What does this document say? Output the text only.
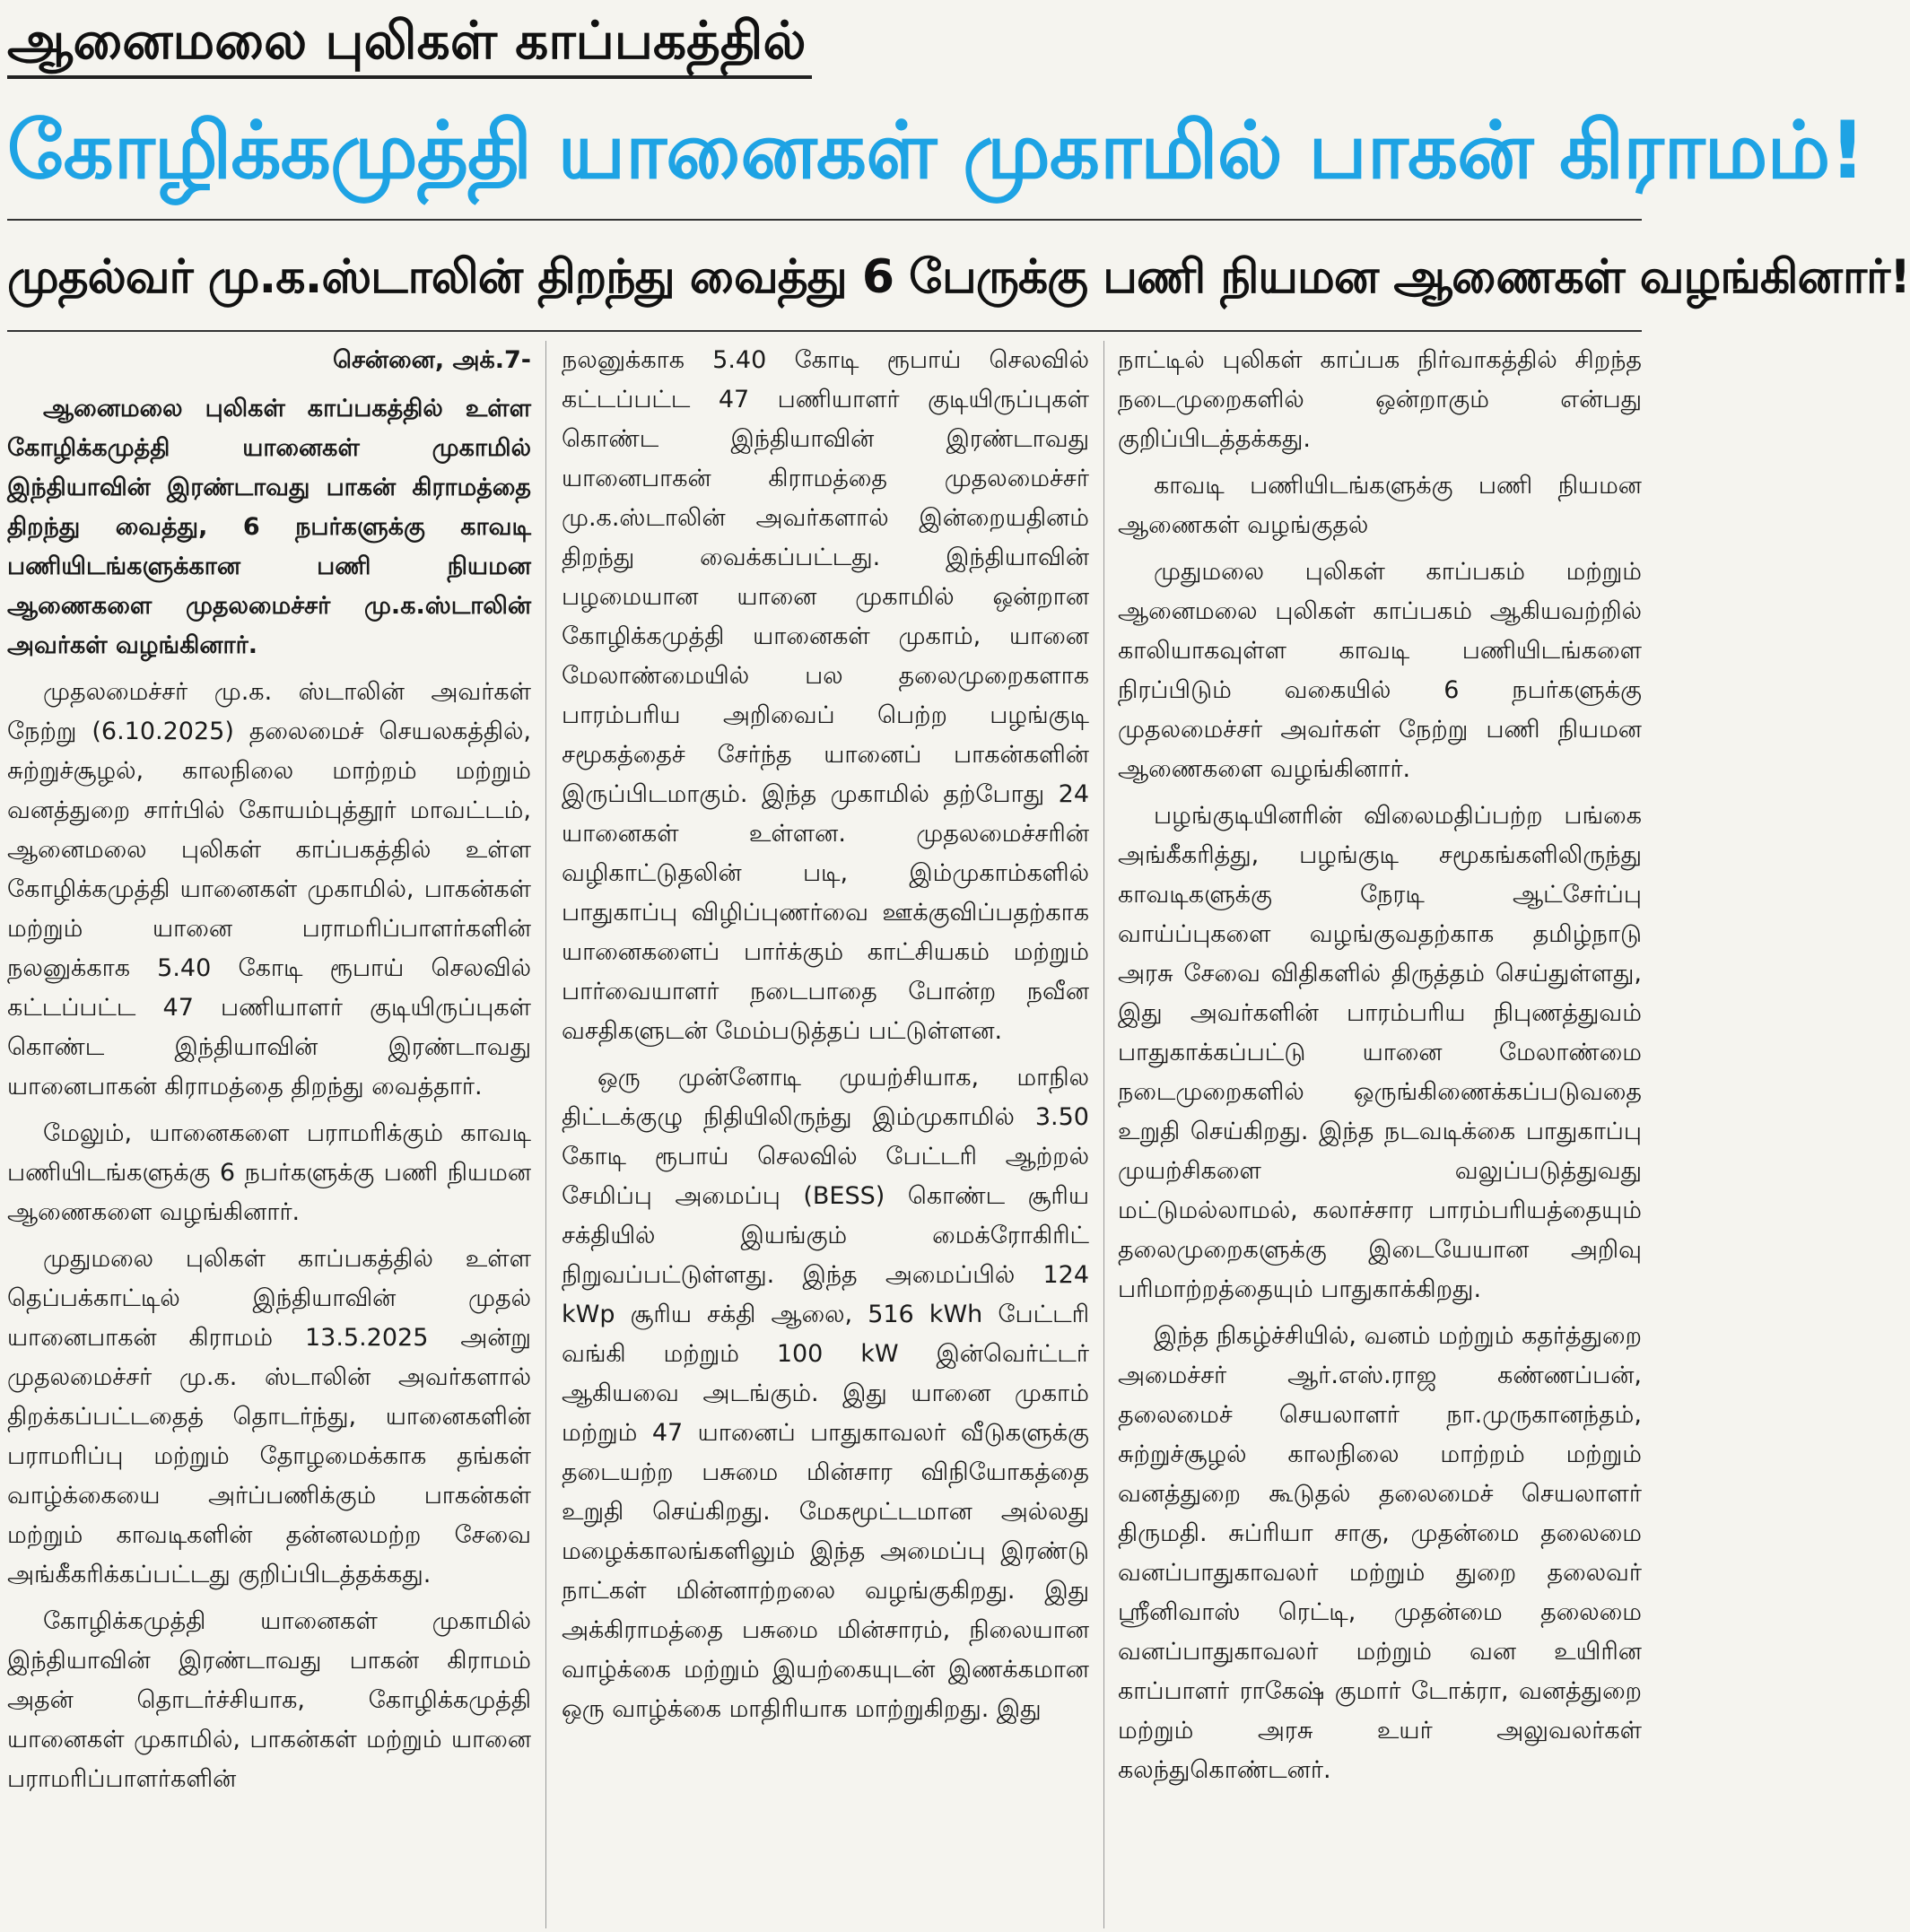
ஆனைமலை புலிகள் காப்பகத்தில்
கோழிக்கமுத்தி யானைகள் முகாமில் பாகன் கிராமம்!
முதல்வர் மு.க.ஸ்டாலின் திறந்து வைத்து 6 பேருக்கு பணி நியமன ஆணைகள் வழங்கினார்!
சென்னை, அக்.7-

ஆனைமலை புலிகள் காப்பகத்தில் உள்ள கோழிக்கமுத்தி யானைகள் முகாமில் இந்தியாவின் இரண்டாவது பாகன் கிராமத்தை திறந்து வைத்து, 6 நபர்களுக்கு காவடி பணியிடங்களுக்கான பணி நியமன ஆணைகளை முதலமைச்சர் மு.க.ஸ்டாலின் அவர்கள் வழங்கினார்.

முதலமைச்சர் மு.க. ஸ்டாலின் அவர்கள் நேற்று (6.10.2025) தலைமைச் செயலகத்தில், சுற்றுச்சூழல், காலநிலை மாற்றம் மற்றும் வனத்துறை சார்பில் கோயம்புத்தூர் மாவட்டம், ஆனைமலை புலிகள் காப்பகத்தில் உள்ள கோழிக்கமுத்தி யானைகள் முகாமில், பாகன்கள் மற்றும் யானை பராமரிப்பாளர்களின் நலனுக்காக 5.40 கோடி ரூபாய் செலவில் கட்டப்பட்ட 47 பணியாளர் குடியிருப்புகள் கொண்ட இந்தியாவின் இரண்டாவது யானைபாகன் கிராமத்தை திறந்து வைத்தார்.

மேலும், யானைகளை பராமரிக்கும் காவடி பணியிடங்களுக்கு 6 நபர்களுக்கு பணி நியமன ஆணைகளை வழங்கினார்.

முதுமலை புலிகள் காப்பகத்தில் உள்ள தெப்பக்காட்டில் இந்தியாவின் முதல் யானைபாகன் கிராமம் 13.5.2025 அன்று முதலமைச்சர் மு.க. ஸ்டாலின் அவர்களால் திறக்கப்பட்டதைத் தொடர்ந்து, யானைகளின் பராமரிப்பு மற்றும் தோழமைக்காக தங்கள் வாழ்க்கையை அர்ப்பணிக்கும் பாகன்கள் மற்றும் காவடிகளின் தன்னலமற்ற சேவை அங்கீகரிக்கப்பட்டது குறிப்பிடத்தக்கது.

கோழிக்கமுத்தி யானைகள் முகாமில் இந்தியாவின் இரண்டாவது பாகன் கிராமம் அதன் தொடர்ச்சியாக, கோழிக்கமுத்தி யானைகள் முகாமில், பாகன்கள் மற்றும் யானை பராமரிப்பாளர்களின்

நலனுக்காக 5.40 கோடி ரூபாய் செலவில் கட்டப்பட்ட 47 பணியாளர் குடியிருப்புகள் கொண்ட இந்தியாவின் இரண்டாவது யானைபாகன் கிராமத்தை முதலமைச்சர் மு.க.ஸ்டாலின் அவர்களால் இன்றையதினம் திறந்து வைக்கப்பட்டது. இந்தியாவின் பழமையான யானை முகாமில் ஒன்றான கோழிக்கமுத்தி யானைகள் முகாம், யானை மேலாண்மையில் பல தலைமுறைகளாக பாரம்பரிய அறிவைப் பெற்ற பழங்குடி சமூகத்தைச் சேர்ந்த யானைப் பாகன்களின் இருப்பிடமாகும். இந்த முகாமில் தற்போது 24 யானைகள் உள்ளன. முதலமைச்சரின் வழிகாட்டுதலின் படி, இம்முகாம்களில் பாதுகாப்பு விழிப்புணர்வை ஊக்குவிப்பதற்காக யானைகளைப் பார்க்கும் காட்சியகம் மற்றும் பார்வையாளர் நடைபாதை போன்ற நவீன வசதிகளுடன் மேம்படுத்தப் பட்டுள்ளன.

ஒரு முன்னோடி முயற்சியாக, மாநில திட்டக்குழு நிதியிலிருந்து இம்முகாமில் 3.50 கோடி ரூபாய் செலவில் பேட்டரி ஆற்றல் சேமிப்பு அமைப்பு (BESS) கொண்ட சூரிய சக்தியில் இயங்கும் மைக்ரோகிரிட் நிறுவப்பட்டுள்ளது. இந்த அமைப்பில் 124 kWp சூரிய சக்தி ஆலை, 516 kWh பேட்டரி வங்கி மற்றும் 100 kW இன்வெர்ட்டர் ஆகியவை அடங்கும். இது யானை முகாம் மற்றும் 47 யானைப் பாதுகாவலர் வீடுகளுக்கு தடையற்ற பசுமை மின்சார விநியோகத்தை உறுதி செய்கிறது. மேகமூட்டமான அல்லது மழைக்காலங்களிலும் இந்த அமைப்பு இரண்டு நாட்கள் மின்னாற்றலை வழங்குகிறது. இது அக்கிராமத்தை பசுமை மின்சாரம், நிலையான வாழ்க்கை மற்றும் இயற்கையுடன் இணக்கமான ஒரு வாழ்க்கை மாதிரியாக மாற்றுகிறது. இது

நாட்டில் புலிகள் காப்பக நிர்வாகத்தில் சிறந்த நடைமுறைகளில் ஒன்றாகும் என்பது குறிப்பிடத்தக்கது.

காவடி பணியிடங்களுக்கு பணி நியமன ஆணைகள் வழங்குதல்

முதுமலை புலிகள் காப்பகம் மற்றும் ஆனைமலை புலிகள் காப்பகம் ஆகியவற்றில் காலியாகவுள்ள காவடி பணியிடங்களை நிரப்பிடும் வகையில் 6 நபர்களுக்கு முதலமைச்சர் அவர்கள் நேற்று பணி நியமன ஆணைகளை வழங்கினார்.

பழங்குடியினரின் விலைமதிப்பற்ற பங்கை அங்கீகரித்து, பழங்குடி சமூகங்களிலிருந்து காவடிகளுக்கு நேரடி ஆட்சேர்ப்பு வாய்ப்புகளை வழங்குவதற்காக தமிழ்நாடு அரசு சேவை விதிகளில் திருத்தம் செய்துள்ளது, இது அவர்களின் பாரம்பரிய நிபுணத்துவம் பாதுகாக்கப்பட்டு யானை மேலாண்மை நடைமுறைகளில் ஒருங்கிணைக்கப்படுவதை உறுதி செய்கிறது. இந்த நடவடிக்கை பாதுகாப்பு முயற்சிகளை வலுப்படுத்துவது மட்டுமல்லாமல், கலாச்சார பாரம்பரியத்தையும் தலைமுறைகளுக்கு இடையேயான அறிவு பரிமாற்றத்தையும் பாதுகாக்கிறது.

இந்த நிகழ்ச்சியில், வனம் மற்றும் கதர்த்துறை அமைச்சர் ஆர்.எஸ்.ராஜ கண்ணப்பன், தலைமைச் செயலாளர் நா.முருகானந்தம், சுற்றுச்சூழல் காலநிலை மாற்றம் மற்றும் வனத்துறை கூடுதல் தலைமைச் செயலாளர் திருமதி. சுப்ரியா சாகு, முதன்மை தலைமை வனப்பாதுகாவலர் மற்றும் துறை தலைவர் ஸ்ரீனிவாஸ் ரெட்டி, முதன்மை தலைமை வனப்பாதுகாவலர் மற்றும் வன உயிரின காப்பாளர் ராகேஷ் குமார் டோக்ரா, வனத்துறை மற்றும் அரசு உயர் அலுவலர்கள் கலந்துகொண்டனர்.
